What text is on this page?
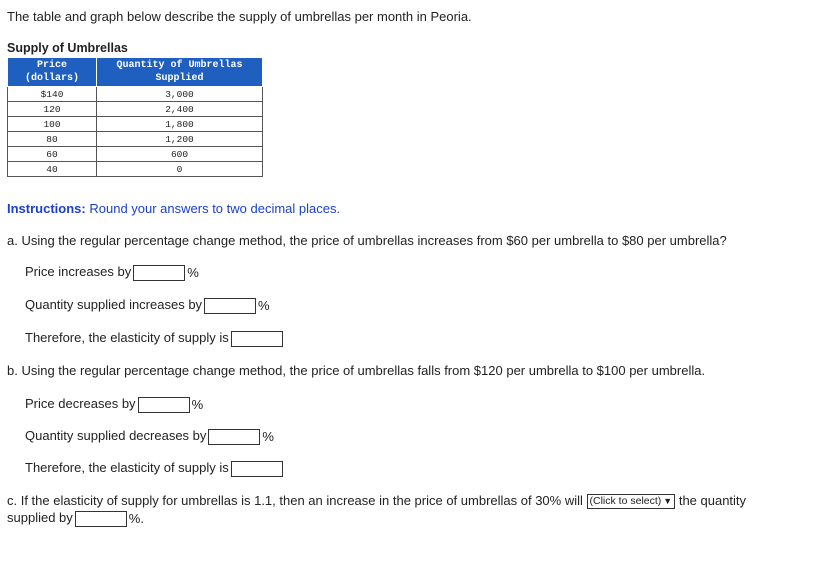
The table and graph below describe the supply of umbrellas per month in Peoria.
Supply of Umbrellas
Price
(dollars)	Quantity of Umbrellas
Supplied
$140	3,000
120	2,400
100	1,800
80	1,200
60	600
40	0
Instructions: Round your answers to two decimal places.
a. Using the regular percentage change method, the price of umbrellas increases from $60 per umbrella to $80 per umbrella?
Price increases by	%
Quantity supplied increases by	%
Therefore, the elasticity of supply is
b. Using the regular percentage change method, the price of umbrellas falls from $120 per umbrella to $100 per umbrella.
Price decreases by	%
Quantity supplied decreases by	%
Therefore, the elasticity of supply is
c. If the elasticity of supply for umbrellas is 1.1, then an increase in the price of umbrellas of 30% will (Click to select) ▼ the quantity
supplied by	%.
